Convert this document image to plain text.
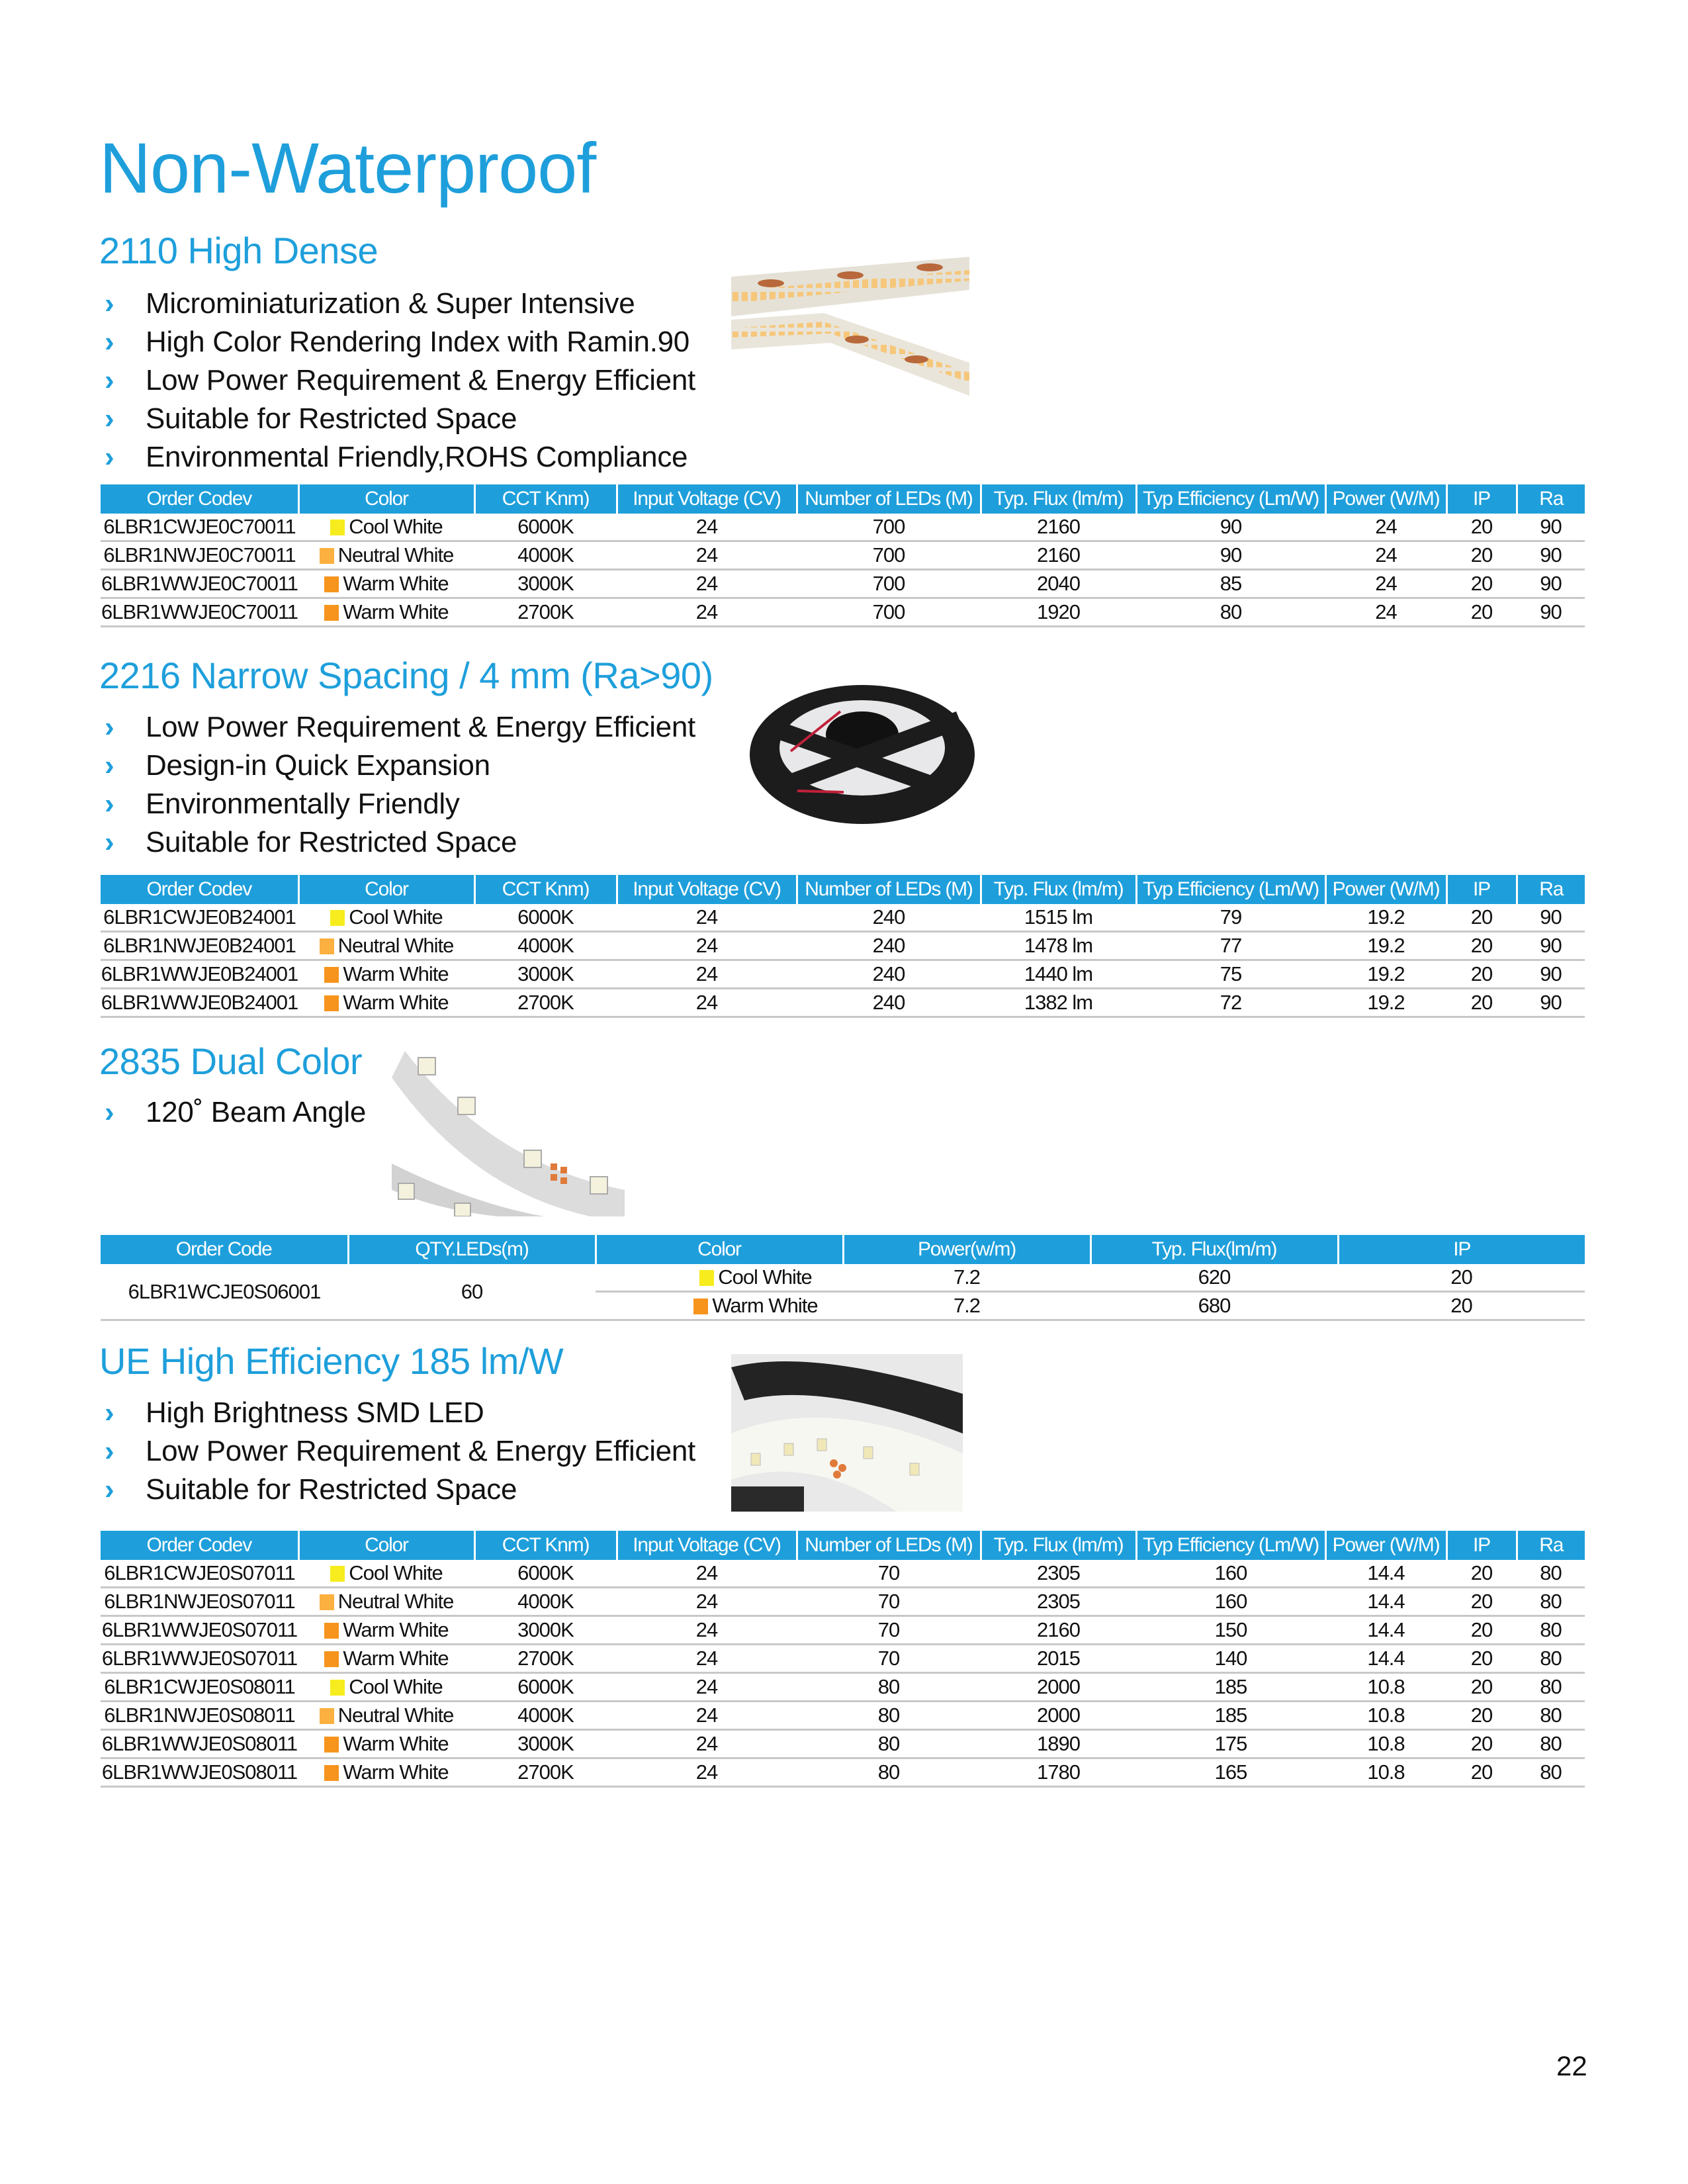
Non-Waterproof
2110 High Dense
›	Microminiaturization & Super Intensive
›	High Color Rendering Index with Ramin.90
›	Low Power Requirement & Energy Efficient
›	Suitable for Restricted Space
›	Environmental Friendly,ROHS Compliance
Order Codev	Color	CCT Knm)	Input Voltage (CV)	Number of LEDs (M)	Typ. Flux (lm/m)	Typ Efficiency (Lm/W)	Power (W/M)	IP	Ra
6LBR1CWJE0C70011	Cool White	6000K	24	700	2160	90	24	20	90
6LBR1NWJE0C70011	Neutral White	4000K	24	700	2160	90	24	20	90
6LBR1WWJE0C70011	Warm White	3000K	24	700	2040	85	24	20	90
6LBR1WWJE0C70011	Warm White	2700K	24	700	1920	80	24	20	90
2216 Narrow Spacing / 4 mm (Ra>90)
›	Low Power Requirement & Energy Efficient
›	Design-in Quick Expansion
›	Environmentally Friendly
›	Suitable for Restricted Space
Order Codev	Color	CCT Knm)	Input Voltage (CV)	Number of LEDs (M)	Typ. Flux (lm/m)	Typ Efficiency (Lm/W)	Power (W/M)	IP	Ra
6LBR1CWJE0B24001	Cool White	6000K	24	240	1515 lm	79	19.2	20	90
6LBR1NWJE0B24001	Neutral White	4000K	24	240	1478 lm	77	19.2	20	90
6LBR1WWJE0B24001	Warm White	3000K	24	240	1440 lm	75	19.2	20	90
6LBR1WWJE0B24001	Warm White	2700K	24	240	1382 lm	72	19.2	20	90
2835 Dual Color
›	120˚ Beam Angle
Order Code	QTY.LEDs(m)	Color	Power(w/m)	Typ. Flux(lm/m)	IP
6LBR1WCJE0S06001	60	Cool White	7.2	620	20
		Warm White	7.2	680	20
UE High Efficiency 185 lm/W
›	High Brightness SMD LED
›	Low Power Requirement & Energy Efficient
›	Suitable for Restricted Space
Order Codev	Color	CCT Knm)	Input Voltage (CV)	Number of LEDs (M)	Typ. Flux (lm/m)	Typ Efficiency (Lm/W)	Power (W/M)	IP	Ra
6LBR1CWJE0S07011	Cool White	6000K	24	70	2305	160	14.4	20	80
6LBR1NWJE0S07011	Neutral White	4000K	24	70	2305	160	14.4	20	80
6LBR1WWJE0S07011	Warm White	3000K	24	70	2160	150	14.4	20	80
6LBR1WWJE0S07011	Warm White	2700K	24	70	2015	140	14.4	20	80
6LBR1CWJE0S08011	Cool White	6000K	24	80	2000	185	10.8	20	80
6LBR1NWJE0S08011	Neutral White	4000K	24	80	2000	185	10.8	20	80
6LBR1WWJE0S08011	Warm White	3000K	24	80	1890	175	10.8	20	80
6LBR1WWJE0S08011	Warm White	2700K	24	80	1780	165	10.8	20	80
22
